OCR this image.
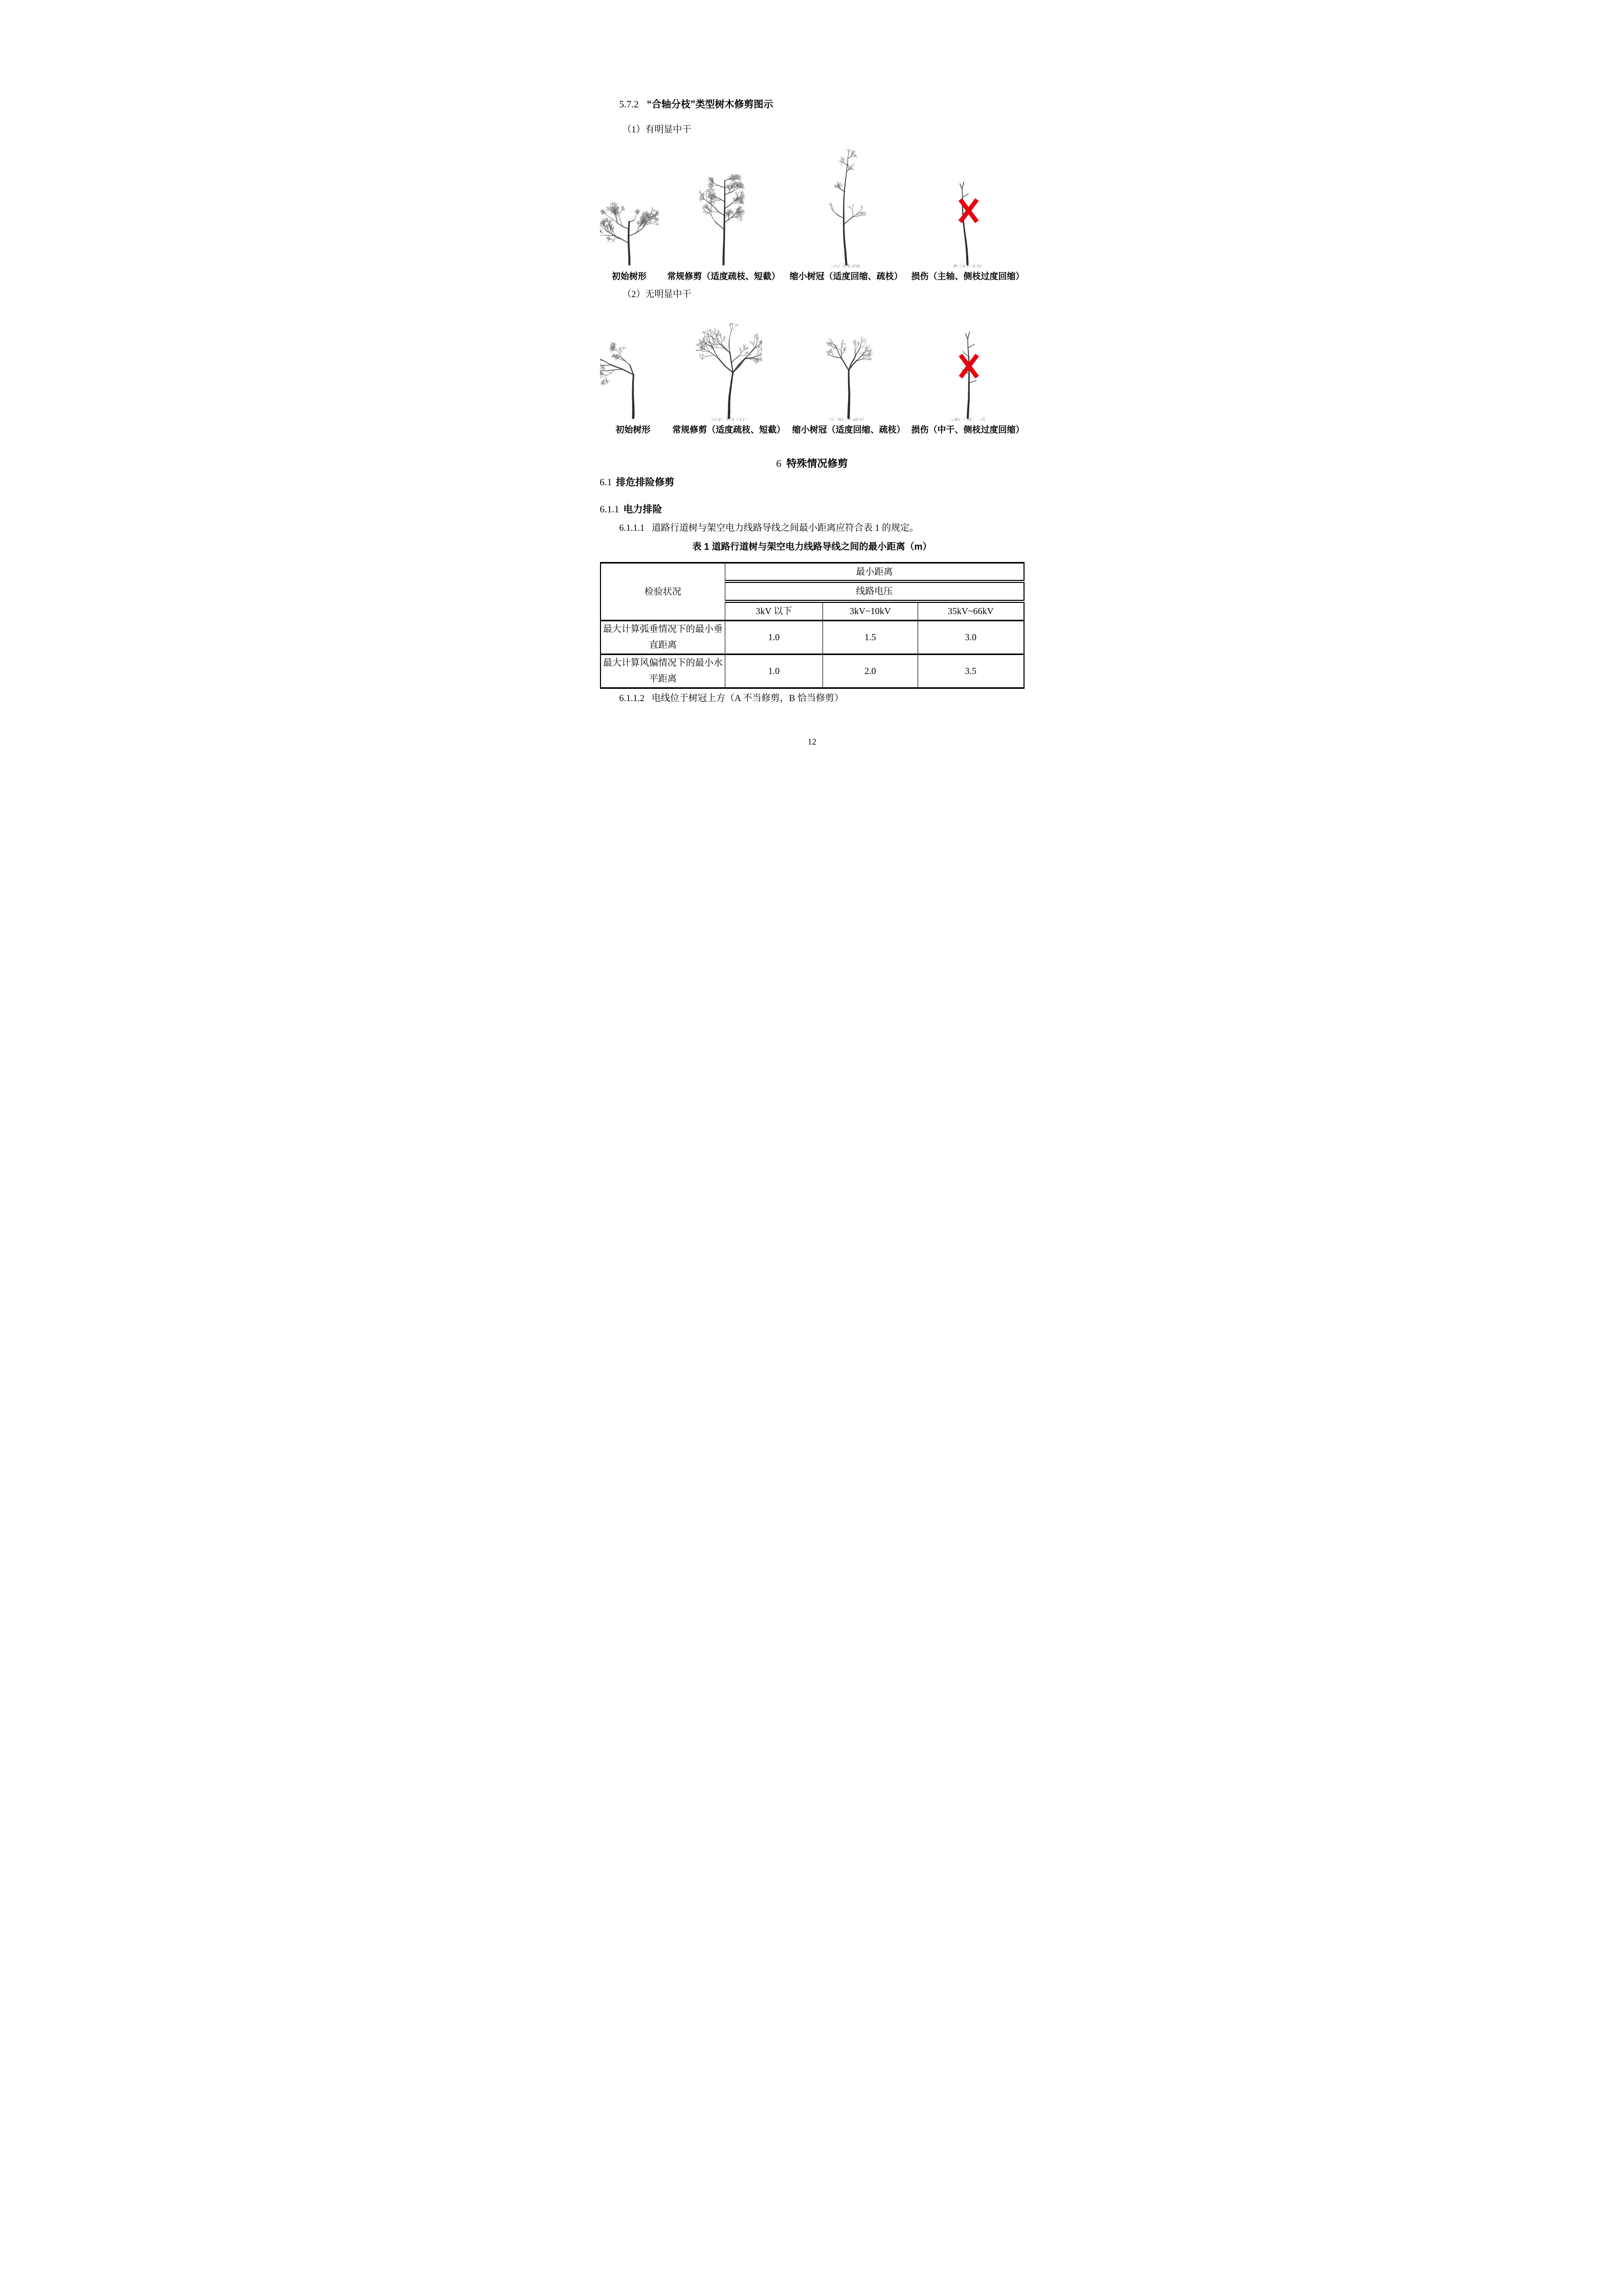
5.7.2 “合轴分枝”类型树木修剪图示

（1）有明显中干

初始树形 常规修剪（适度疏枝、短截） 缩小树冠（适度回缩、疏枝） 损伤（主轴、侧枝过度回缩）

（2）无明显中干

初始树形	常规修剪（适度疏枝、短截） 缩小树冠（适度回缩、疏枝） 损伤（中干、侧枝过度回缩）
6 特殊情况修剪
6.1 排危排险修剪
6.1.1 电力排险

6.1.1.1 道路行道树与架空电力线路导线之间最小距离应符合表 1 的规定。

表 1 道路行道树与架空电力线路导线之间的最小距离（m）

检验状况	最小距离		
	线路电压		
	3kV 以下	3kV~10kV	35kV~66kV
最大计算弧垂情况下的最小垂直距离	1.0	1.5	3.0
最大计算风偏情况下的最小水平距离	1.0	2.0	3.5

6.1.1.2 电线位于树冠上方（A 不当修剪，B 恰当修剪）

12
